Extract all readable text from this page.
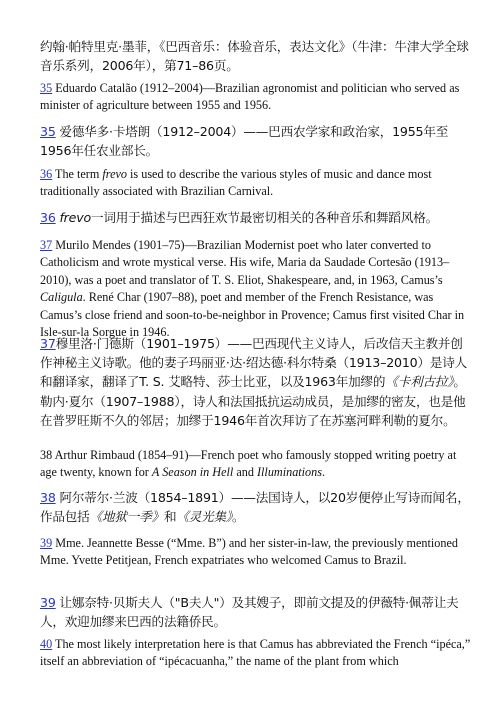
约翰·帕特里克·墨菲，《巴西音乐：体验音乐，表达文化》（牛津：牛津大学全球音乐系列，2006年），第71–86页。

35 Eduardo Catalão (1912–2004)—Brazilian agronomist and politician who served as minister of agriculture between 1955 and 1956.

35 爱德华多·卡塔朗（1912–2004）——巴西农学家和政治家，1955年至1956年任农业部长。

36 The term frevo is used to describe the various styles of music and dance most traditionally associated with Brazilian Carnival.

36 frevo一词用于描述与巴西狂欢节最密切相关的各种音乐和舞蹈风格。

37 Murilo Mendes (1901–75)—Brazilian Modernist poet who later converted to Catholicism and wrote mystical verse. His wife, Maria da Saudade Cortesão (1913–2010), was a poet and translator of T. S. Eliot, Shakespeare, and, in 1963, Camus’s Caligula. René Char (1907–88), poet and member of the French Resistance, was Camus’s close friend and soon-to-be-neighbor in Provence; Camus first visited Char in Isle-sur-la Sorgue in 1946.

37穆里洛·门德斯（1901–1975）——巴西现代主义诗人，后改信天主教并创作神秘主义诗歌。他的妻子玛丽亚·达·绍达德·科尔特桑（1913–2010）是诗人和翻译家，翻译了T. S. 艾略特、莎士比亚，以及1963年加缪的《卡利古拉》。勒内·夏尔（1907–1988），诗人和法国抵抗运动成员，是加缪的密友，也是他在普罗旺斯不久的邻居；加缪于1946年首次拜访了在苏塞河畔利勒的夏尔。

38 Arthur Rimbaud (1854–91)—French poet who famously stopped writing poetry at age twenty, known for A Season in Hell and Illuminations.

38 阿尔蒂尔·兰波（1854–1891）——法国诗人，以20岁便停止写诗而闻名，作品包括《地狱一季》和《灵光集》。

39 Mme. Jeannette Besse (“Mme. B”) and her sister-in-law, the previously mentioned Mme. Yvette Petitjean, French expatriates who welcomed Camus to Brazil.

39 让娜奈特·贝斯夫人（"B夫人"）及其嫂子，即前文提及的伊薇特·佩蒂让夫人，欢迎加缪来巴西的法籍侨民。

40 The most likely interpretation here is that Camus has abbreviated the French “ipéca,” itself an abbreviation of “ipécacuanha,” the name of the plant from which
